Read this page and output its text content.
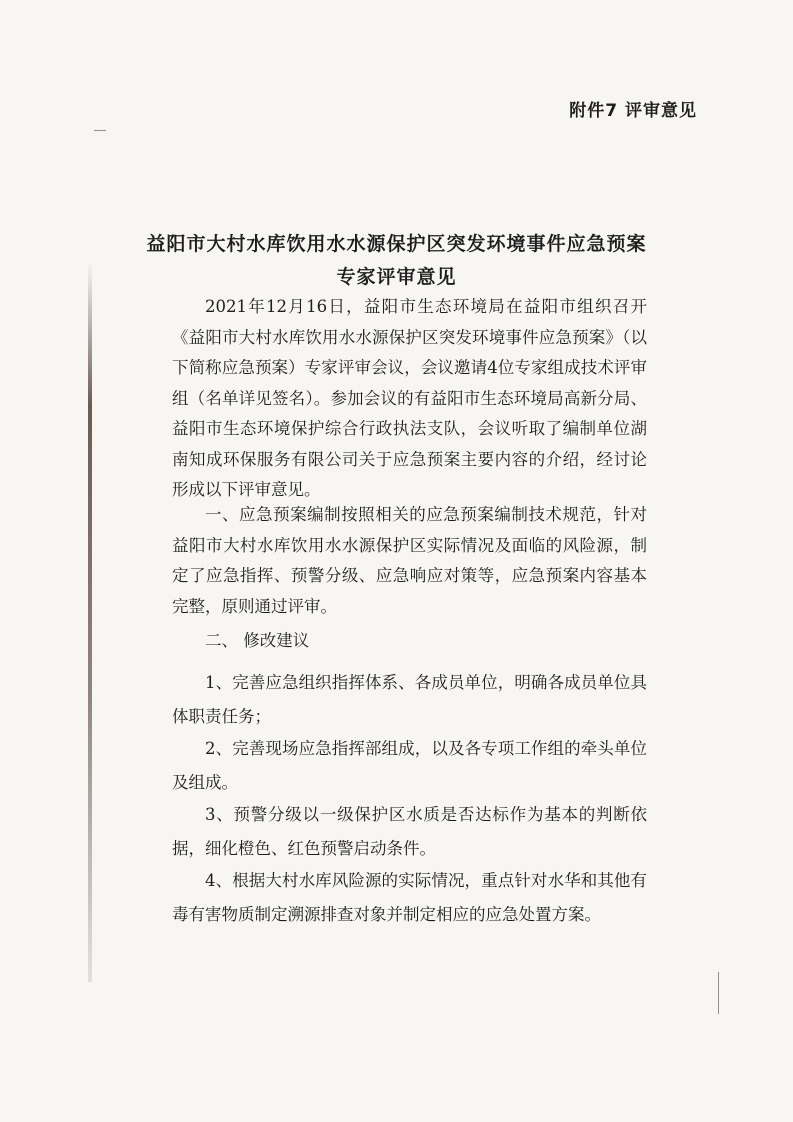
附件7 评审意见
益阳市大村水库饮用水水源保护区突发环境事件应急预案
专家评审意见

2021年12月16日，益阳市生态环境局在益阳市组织召开《益阳市大村水库饮用水水源保护区突发环境事件应急预案》（以下简称应急预案）专家评审会议，会议邀请4位专家组成技术评审组（名单详见签名）。参加会议的有益阳市生态环境局高新分局、益阳市生态环境保护综合行政执法支队，会议听取了编制单位湖南知成环保服务有限公司关于应急预案主要内容的介绍，经讨论形成以下评审意见。

一、应急预案编制按照相关的应急预案编制技术规范，针对益阳市大村水库饮用水水源保护区实际情况及面临的风险源，制定了应急指挥、预警分级、应急响应对策等，应急预案内容基本完整，原则通过评审。

二、 修改建议

1、完善应急组织指挥体系、各成员单位，明确各成员单位具体职责任务；

2、完善现场应急指挥部组成，以及各专项工作组的牵头单位及组成。

3、预警分级以一级保护区水质是否达标作为基本的判断依据，细化橙色、红色预警启动条件。

4、根据大村水库风险源的实际情况，重点针对水华和其他有毒有害物质制定溯源排查对象并制定相应的应急处置方案。
